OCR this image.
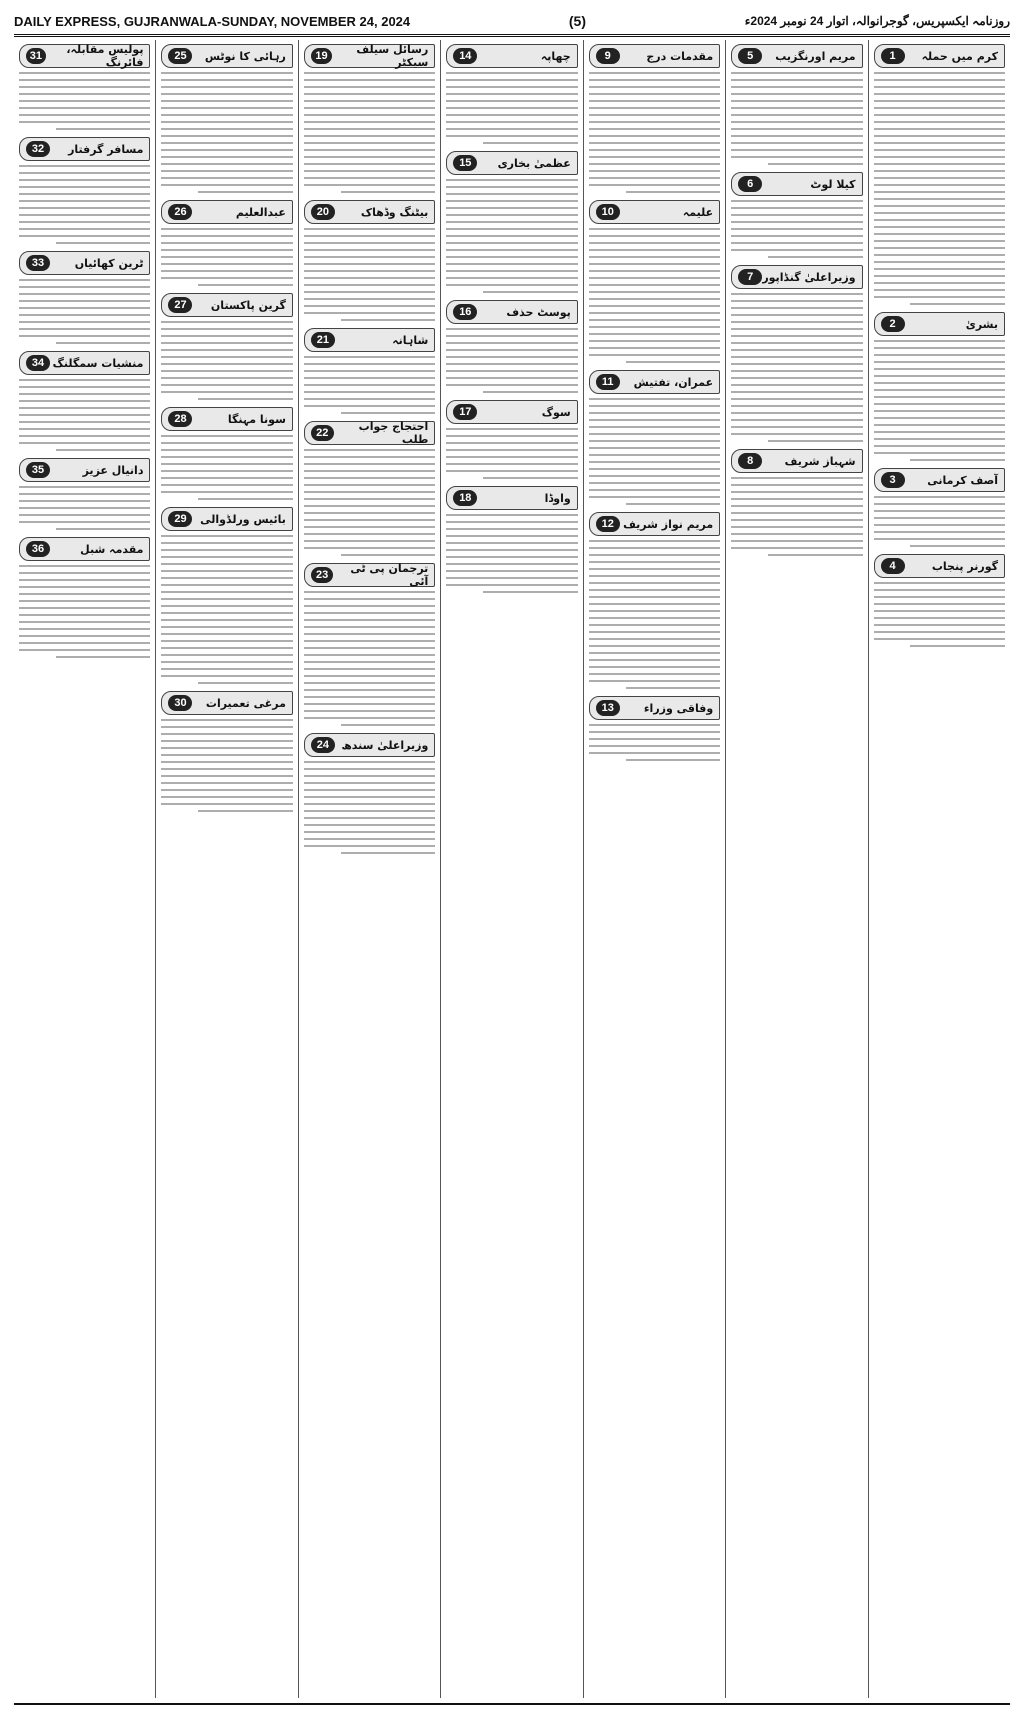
DAILY EXPRESS, GUJRANWALA-SUNDAY, NOVEMBER 24, 2024	(5)	روزنامہ ایکسپریس، گوجرانوالہ، اتوار 24 نومبر 2024ء
کرم میں حملہ
1
بشریٰ
2
آصف کرمانی
3
گورنر پنجاب
4
مریم اورنگزیب
5
کیلا لوٹ
6
وزیراعلیٰ گنڈاپور
7
شہباز شریف
8
مقدمات درج
9
علیمہ
10
عمران، تفتیش
11
مریم نواز شریف
12
وفاقی وزراء
13
چھاپہ
14
عظمیٰ بخاری
15
پوسٹ حذف
16
سوگ
17
واوڈا
18
رسائل سیلف سیکٹر
19
بیٹنگ وڈھاک
20
شاہانہ
21
احتجاج جواب طلب
22
ترجمان پی ٹی آئی
23
وزیراعلیٰ سندھ
24
رہائی کا نوٹس
25
عبدالعلیم
26
گرین پاکستان
27
سونا مہنگا
28
بائیس ورلڈوالی
29
مرغی تعمیرات
30
پولیس مقابلہ، فائرنگ
31
مسافر گرفتار
32
ٹرین کھائیاں
33
منشیات سمگلنگ
34
دانیال عزیز
35
مقدمہ شبل
36
